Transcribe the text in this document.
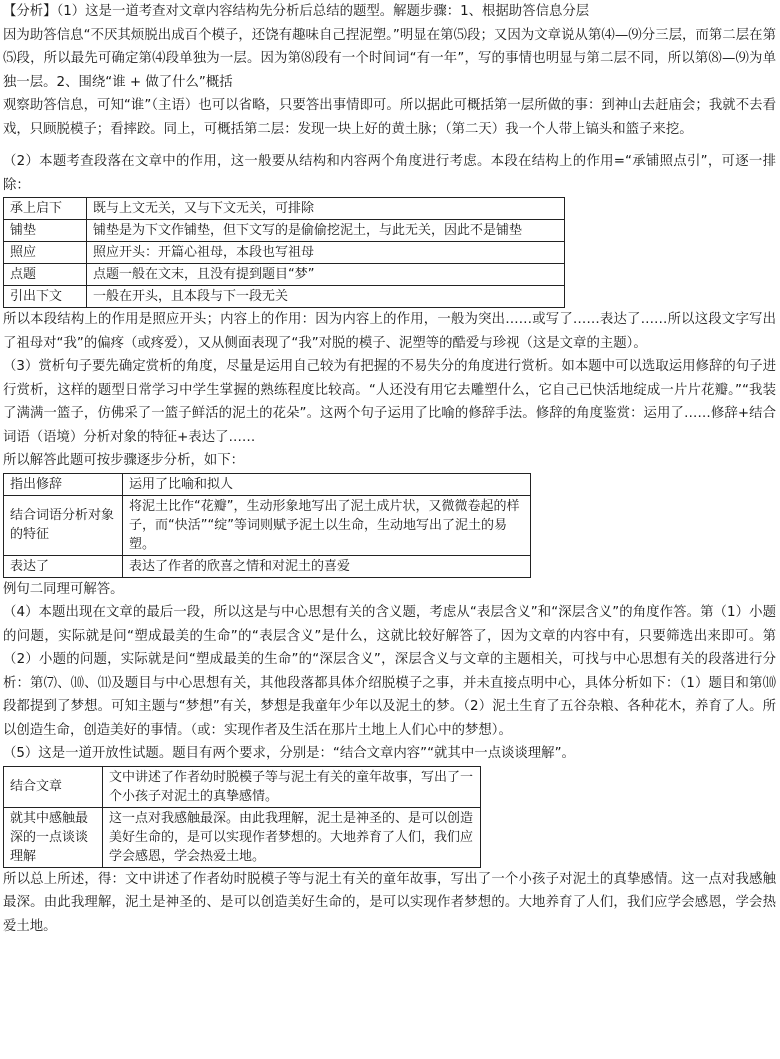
【分析】（1）这是一道考查对文章内容结构先分析后总结的题型。解题步骤：1、根据助答信息分层

因为助答信息“不厌其烦脱出成百个模子，还饶有趣味自己捏泥塑。”明显在第⑸段；又因为文章说从第⑷—⑼分三层，而第二层在第⑸段，所以最先可确定第⑷段单独为一层。因为第⑻段有一个时间词“有一年”，写的事情也明显与第二层不同，所以第⑻—⑼为单独一层。2、围绕“谁 + 做了什么”概括

观察助答信息，可知“谁”（主语）也可以省略，只要答出事情即可。所以据此可概括第一层所做的事：到神山去赶庙会；我就不去看戏，只顾脱模子；看摔跤。同上，可概括第二层：发现一块上好的黄土脉；（第二天）我一个人带上镐头和篮子来挖。

（2）本题考查段落在文章中的作用，这一般要从结构和内容两个角度进行考虑。本段在结构上的作用=“承铺照点引”，可逐一排除：

承上启下	既与上文无关，又与下文无关，可排除
铺垫	铺垫是为下文作铺垫，但下文写的是偷偷挖泥土，与此无关，因此不是铺垫
照应	照应开头：开篇心祖母，本段也写祖母
点题	点题一般在文末，且没有提到题目“梦”
引出下文	一般在开头，且本段与下一段无关

所以本段结构上的作用是照应开头；内容上的作用：因为内容上的作用，一般为突出……或写了……表达了……所以这段文字写出了祖母对“我”的偏疼（或疼爱），又从侧面表现了“我”对脱的模子、泥塑等的酷爱与珍视（这是文章的主题）。

（3）赏析句子要先确定赏析的角度，尽量是运用自己较为有把握的不易失分的角度进行赏析。如本题中可以选取运用修辞的句子进行赏析，这样的题型日常学习中学生掌握的熟练程度比较高。“人还没有用它去雕塑什么，它自己已快活地绽成一片片花瓣。”“我装了满满一篮子，仿佛采了一篮子鲜活的泥土的花朵”。这两个句子运用了比喻的修辞手法。修辞的角度鉴赏：运用了……修辞+结合词语（语境）分析对象的特征+表达了……

所以解答此题可按步骤逐步分析，如下：

指出修辞	运用了比喻和拟人
结合词语分析对象的特征	将泥土比作“花瓣”，生动形象地写出了泥土成片状，又微微卷起的样子，而“快活”“绽”等词则赋予泥土以生命，生动地写出了泥土的易塑。
表达了	表达了作者的欣喜之情和对泥土的喜爱

例句二同理可解答。

（4）本题出现在文章的最后一段，所以这是与中心思想有关的含义题，考虑从“表层含义”和“深层含义”的角度作答。第（1）小题的问题，实际就是问“塑成最美的生命”的“表层含义”是什么，这就比较好解答了，因为文章的内容中有，只要筛选出来即可。第（2）小题的问题，实际就是问“塑成最美的生命”的“深层含义”，深层含义与文章的主题相关，可找与中心思想有关的段落进行分析：第⑺、⑽、⑾及题目与中心思想有关，其他段落都具体介绍脱模子之事，并未直接点明中心，具体分析如下：（1）题目和第⑽段都提到了梦想。可知主题与“梦想”有关，梦想是我童年少年以及泥土的梦。（2）泥土生育了五谷杂粮、各种花木，养育了人。所以创造生命，创造美好的事情。（或：实现作者及生活在那片土地上人们心中的梦想）。

（5）这是一道开放性试题。题目有两个要求，分别是：“结合文章内容”“就其中一点谈谈理解”。

结合文章	文中讲述了作者幼时脱模子等与泥土有关的童年故事，写出了一个小孩子对泥土的真挚感情。
就其中感触最深的一点谈谈理解	这一点对我感触最深。由此我理解，泥土是神圣的、是可以创造美好生命的，是可以实现作者梦想的。大地养育了人们，我们应学会感恩，学会热爱土地。

所以总上所述，得：文中讲述了作者幼时脱模子等与泥土有关的童年故事，写出了一个小孩子对泥土的真挚感情。这一点对我感触最深。由此我理解，泥土是神圣的、是可以创造美好生命的，是可以实现作者梦想的。大地养育了人们，我们应学会感恩，学会热爱土地。
